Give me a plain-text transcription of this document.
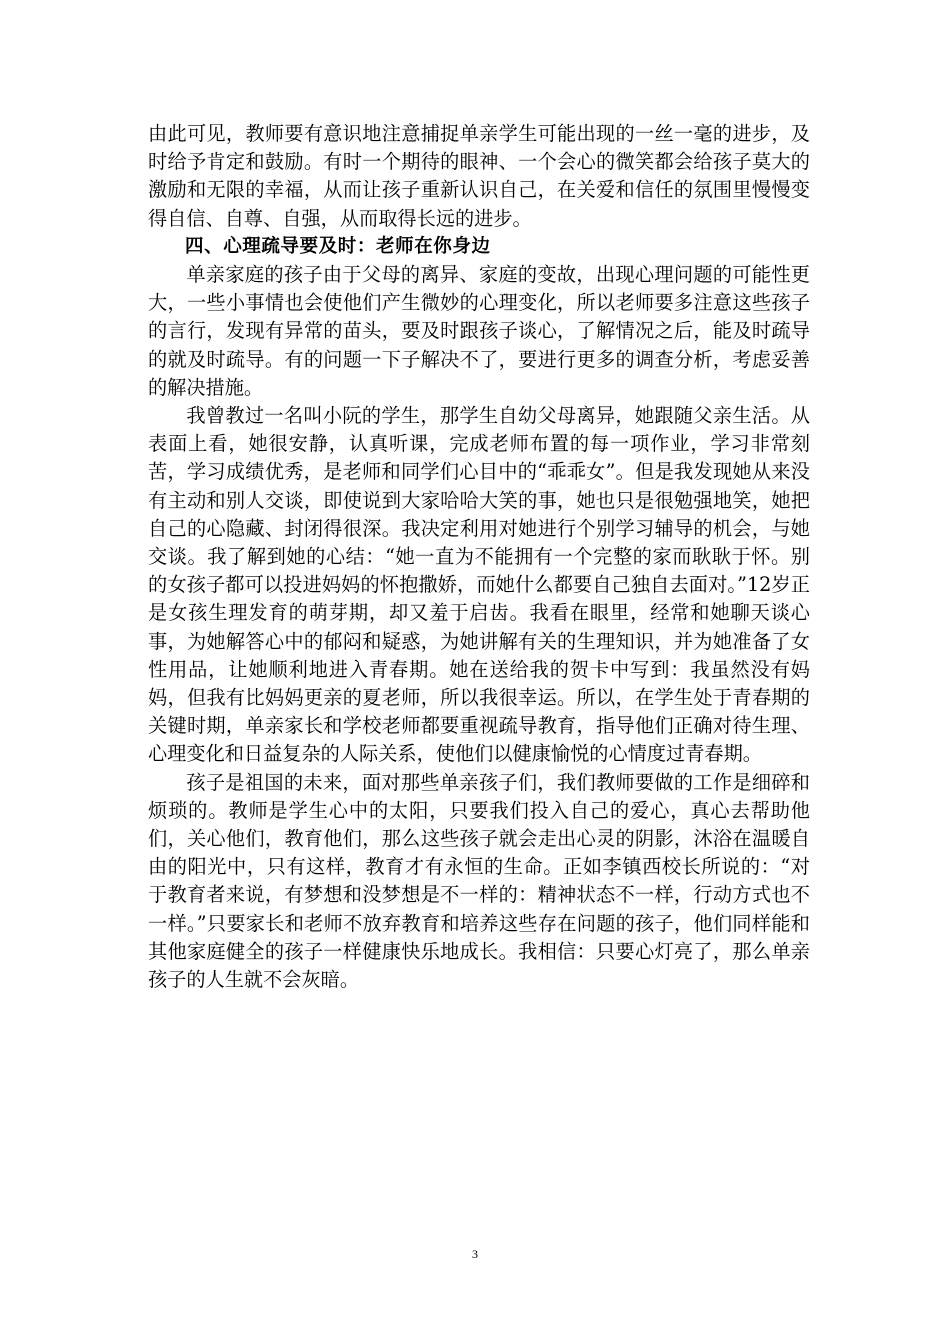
由此可见，教师要有意识地注意捕捉单亲学生可能出现的一丝一毫的进步，及时给予肯定和鼓励。有时一个期待的眼神、一个会心的微笑都会给孩子莫大的激励和无限的幸福，从而让孩子重新认识自己，在关爱和信任的氛围里慢慢变得自信、自尊、自强，从而取得长远的进步。

四、心理疏导要及时：老师在你身边

单亲家庭的孩子由于父母的离异、家庭的变故，出现心理问题的可能性更大，一些小事情也会使他们产生微妙的心理变化，所以老师要多注意这些孩子的言行，发现有异常的苗头，要及时跟孩子谈心，了解情况之后，能及时疏导的就及时疏导。有的问题一下子解决不了，要进行更多的调查分析，考虑妥善的解决措施。

我曾教过一名叫小阮的学生，那学生自幼父母离异，她跟随父亲生活。从表面上看，她很安静，认真听课，完成老师布置的每一项作业，学习非常刻苦，学习成绩优秀，是老师和同学们心目中的“乖乖女”。但是我发现她从来没有主动和别人交谈，即使说到大家哈哈大笑的事，她也只是很勉强地笑，她把自己的心隐藏、封闭得很深。我决定利用对她进行个别学习辅导的机会，与她交谈。我了解到她的心结：“她一直为不能拥有一个完整的家而耿耿于怀。别的女孩子都可以投进妈妈的怀抱撒娇，而她什么都要自己独自去面对。”12岁正是女孩生理发育的萌芽期，却又羞于启齿。我看在眼里，经常和她聊天谈心事，为她解答心中的郁闷和疑惑，为她讲解有关的生理知识，并为她准备了女性用品，让她顺利地进入青春期。她在送给我的贺卡中写到：我虽然没有妈妈，但我有比妈妈更亲的夏老师，所以我很幸运。所以，在学生处于青春期的关键时期，单亲家长和学校老师都要重视疏导教育，指导他们正确对待生理、心理变化和日益复杂的人际关系，使他们以健康愉悦的心情度过青春期。

孩子是祖国的未来，面对那些单亲孩子们，我们教师要做的工作是细碎和烦琐的。教师是学生心中的太阳，只要我们投入自己的爱心，真心去帮助他们，关心他们，教育他们，那么这些孩子就会走出心灵的阴影，沐浴在温暖自由的阳光中，只有这样，教育才有永恒的生命。正如李镇西校长所说的：“对于教育者来说，有梦想和没梦想是不一样的：精神状态不一样，行动方式也不一样。”只要家长和老师不放弃教育和培养这些存在问题的孩子，他们同样能和其他家庭健全的孩子一样健康快乐地成长。我相信：只要心灯亮了，那么单亲孩子的人生就不会灰暗。

3
